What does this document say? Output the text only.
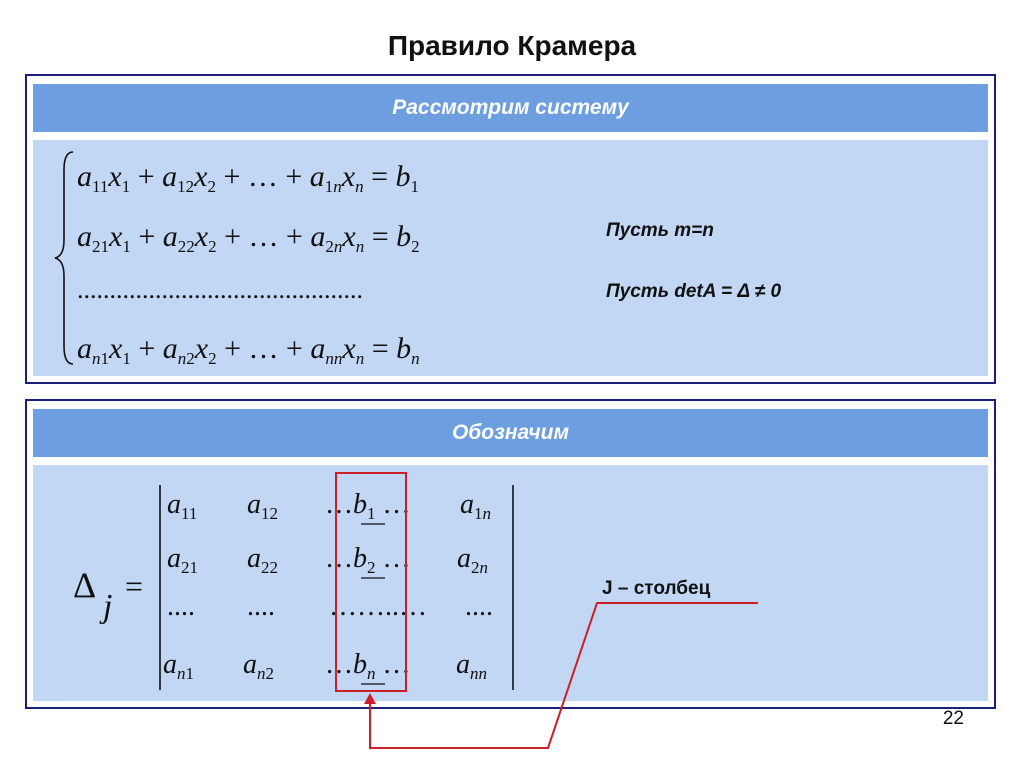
Правило Крамера
Рассмотрим систему
$a_{11}x_1 + a_{12}x_2$ + … + $a_{1n}x_n = b_1$
$a_{21}x_1 + a_{22}x_2$ + … + $a_{2n}x_n = b_2$
............................................
$a_{n1}x_1 + a_{n2}x_2$ + … + $a_{nn}x_n = b_n$
Пусть m=n
Пусть detA = Δ ≠ 0
Обозначим
Δ
j
=
$a_{11}$ $a_{12}$ $\dots b_1$ … $a_{1n}$
$a_{21}$ $a_{22}$ $\dots b_2$ … $a_{2n}$
.... .... ……..… ....
$a_{n1}$ $a_{n2}$ $\dots b_n$ … $a_{nn}$
J – столбец
22
